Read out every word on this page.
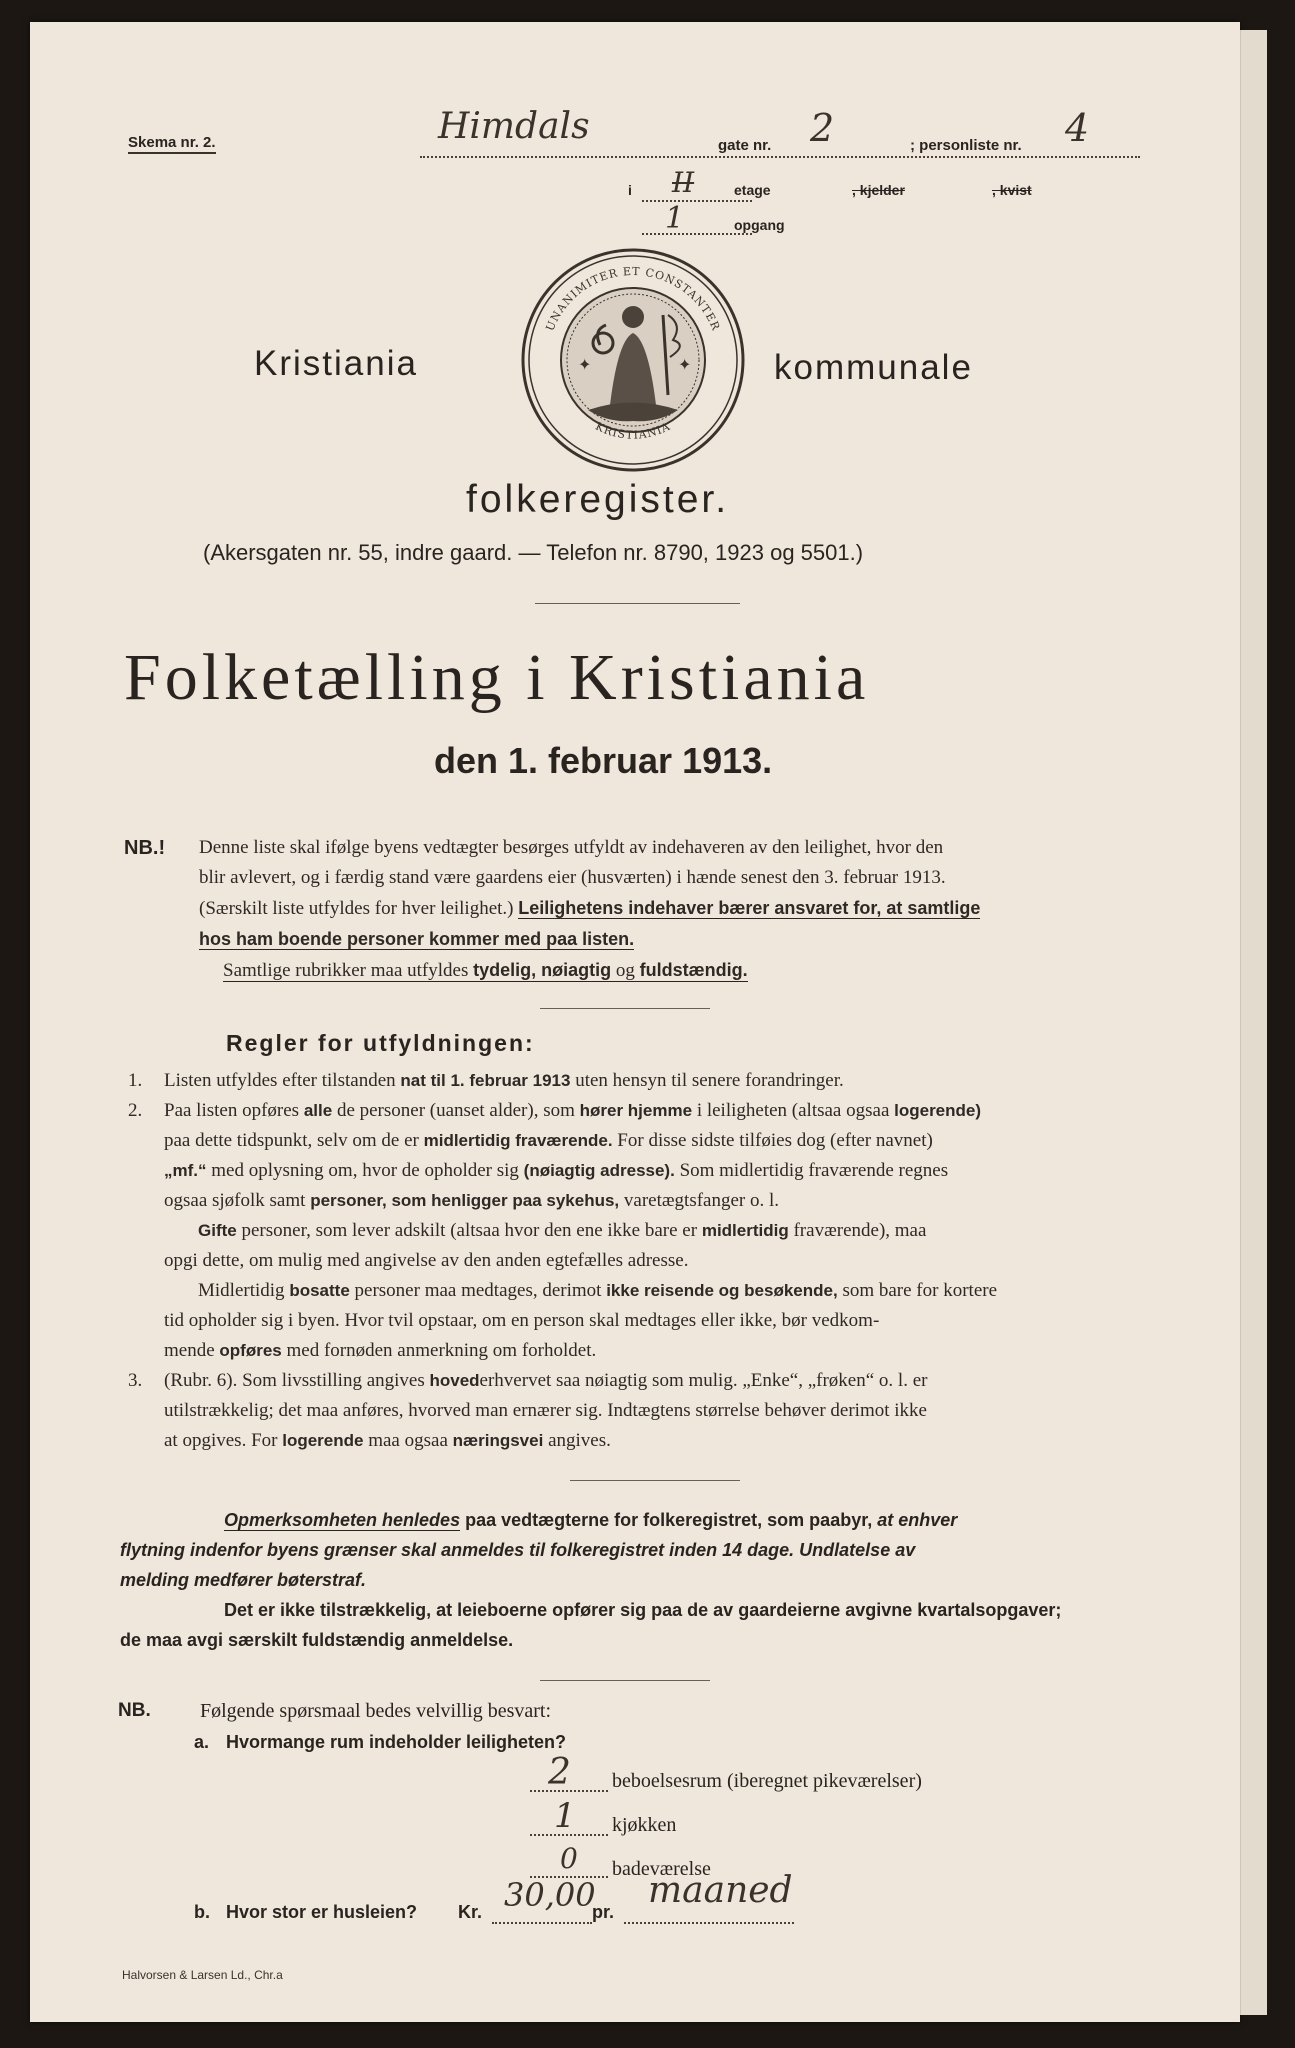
Skema nr. 2.	Himdals	gate nr. 2	; personliste nr. 4
i II	etage	, kjelder	, kvist
1	opgang
Kristiania	kommunale
✦	✦
UNANIMITER ET CONSTANTER
KRISTIANIA
folkeregister.
(Akersgaten nr. 55, indre gaard. — Telefon nr. 8790, 1923 og 5501.)
Folketælling i Kristiania
den 1. februar 1913.
NB.! Denne liste skal ifølge byens vedtægter besørges utfyldt av indehaveren av den leilighet, hvor den

blir avlevert, og i færdig stand være gaardens eier (husværten) i hænde senest den 3. februar 1913.

(Særskilt liste utfyldes for hver leilighet.) Leilighetens indehaver bærer ansvaret for, at samtlige

hos ham boende personer kommer med paa listen.

Samtlige rubrikker maa utfyldes tydelig, nøiagtig og fuldstændig.

Regler for utfyldningen:

1. Listen utfyldes efter tilstanden nat til 1. februar 1913 uten hensyn til senere forandringer.

2. Paa listen opføres alle de personer (uanset alder), som hører hjemme i leiligheten (altsaa ogsaa logerende)

paa dette tidspunkt, selv om de er midlertidig fraværende. For disse sidste tilføies dog (efter navnet)

„mf.“ med oplysning om, hvor de opholder sig (nøiagtig adresse). Som midlertidig fraværende regnes

ogsaa sjøfolk samt personer, som henligger paa sykehus, varetægtsfanger o. l.

Gifte personer, som lever adskilt (altsaa hvor den ene ikke bare er midlertidig fraværende), maa

opgi dette, om mulig med angivelse av den anden egtefælles adresse.

Midlertidig bosatte personer maa medtages, derimot ikke reisende og besøkende, som bare for kortere

tid opholder sig i byen. Hvor tvil opstaar, om en person skal medtages eller ikke, bør vedkom-

mende opføres med fornøden anmerkning om forholdet.

3. (Rubr. 6). Som livsstilling angives hovederhvervet saa nøiagtig som mulig. „Enke“, „frøken“ o. l. er

utilstrækkelig; det maa anføres, hvorved man ernærer sig. Indtægtens størrelse behøver derimot ikke

at opgives. For logerende maa ogsaa næringsvei angives.

Opmerksomheten henledes paa vedtægterne for folkeregistret, som paabyr, at enhver

flytning indenfor byens grænser skal anmeldes til folkeregistret inden 14 dage. Undlatelse av

melding medfører bøterstraf.

Det er ikke tilstrækkelig, at leieboerne opfører sig paa de av gaardeierne avgivne kvartalsopgaver;

de maa avgi særskilt fuldstændig anmeldelse.

NB. Følgende spørsmaal bedes velvillig besvart:
a. Hvormange rum indeholder leiligheten?
2 beboelsesrum (iberegnet pikeværelser)
1 kjøkken
0 badeværelse
b. Hvor stor er husleien? Kr. 30,00
pr.
maaned
Halvorsen & Larsen Ld., Chr.a
